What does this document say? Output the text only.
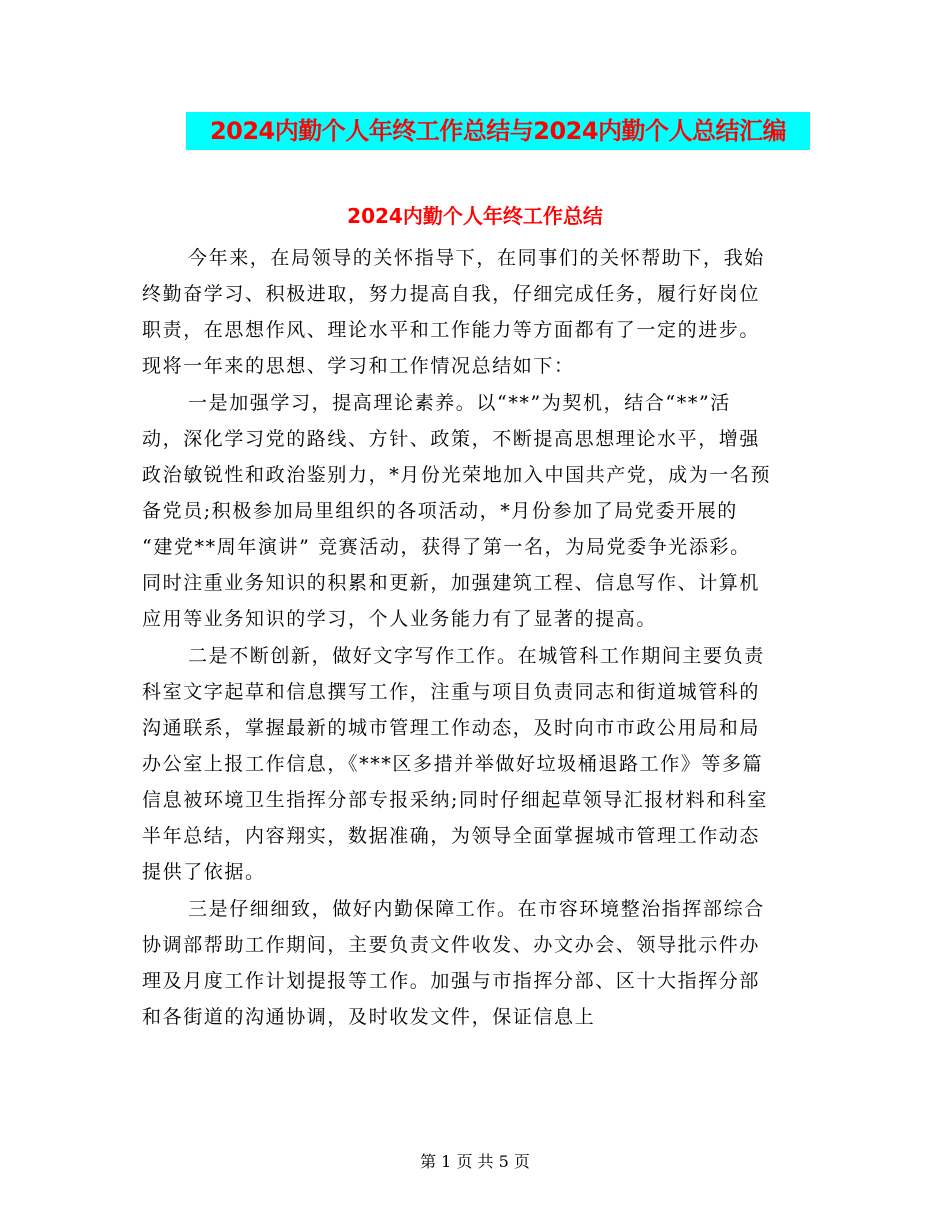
2024内勤个人年终工作总结与2024内勤个人总结汇编
2024内勤个人年终工作总结
今年来，在局领导的关怀指导下，在同事们的关怀帮助下，我始
终勤奋学习、积极进取，努力提高自我，仔细完成任务，履行好岗位
职责，在思想作风、理论水平和工作能力等方面都有了一定的进步。
现将一年来的思想、学习和工作情况总结如下：
一是加强学习，提高理论素养。以“**”为契机，结合“**”活
动，深化学习党的路线、方针、政策，不断提高思想理论水平，增强
政治敏锐性和政治鉴别力，*月份光荣地加入中国共产党，成为一名预
备党员;积极参加局里组织的各项活动，*月份参加了局党委开展的
“建党**周年演讲” 竞赛活动，获得了第一名，为局党委争光添彩。
同时注重业务知识的积累和更新，加强建筑工程、信息写作、计算机
应用等业务知识的学习，个人业务能力有了显著的提高。
二是不断创新，做好文字写作工作。在城管科工作期间主要负责
科室文字起草和信息撰写工作，注重与项目负责同志和街道城管科的
沟通联系，掌握最新的城市管理工作动态，及时向市市政公用局和局
办公室上报工作信息，《***区多措并举做好垃圾桶退路工作》等多篇
信息被环境卫生指挥分部专报采纳;同时仔细起草领导汇报材料和科室
半年总结，内容翔实，数据准确，为领导全面掌握城市管理工作动态
提供了依据。
三是仔细细致，做好内勤保障工作。在市容环境整治指挥部综合
协调部帮助工作期间，主要负责文件收发、办文办会、领导批示件办
理及月度工作计划提报等工作。加强与市指挥分部、区十大指挥分部
和各街道的沟通协调，及时收发文件，保证信息上
第 1 页 共 5 页
